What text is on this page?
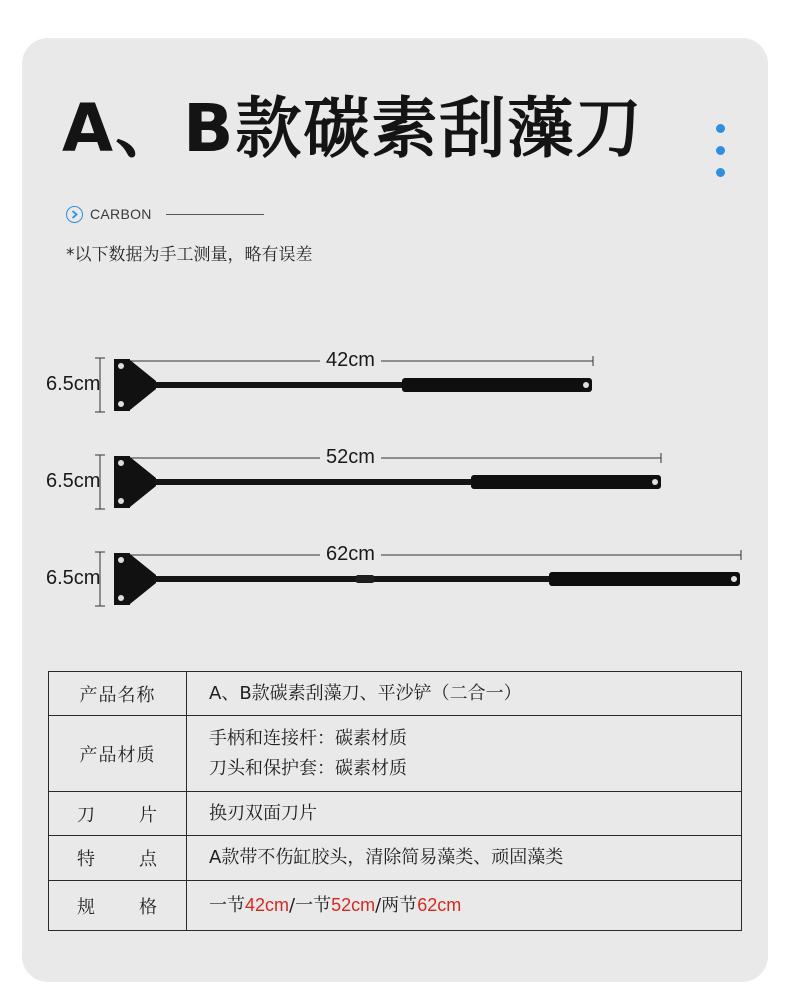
A、B款碳素刮藻刀
CARBON
*以下数据为手工测量，略有误差
42cm
6.5cm
52cm
6.5cm
62cm
6.5cm
产品名称	A、B款碳素刮藻刀、平沙铲（二合一）
产品材质	手柄和连接杆：碳素材质
刀头和保护套：碳素材质

刀 片	换刃双面刀片

特 点	A款带不伤缸胶头，清除简易藻类、顽固藻类

规 格	一节42cm/一节52cm/两节62cm
